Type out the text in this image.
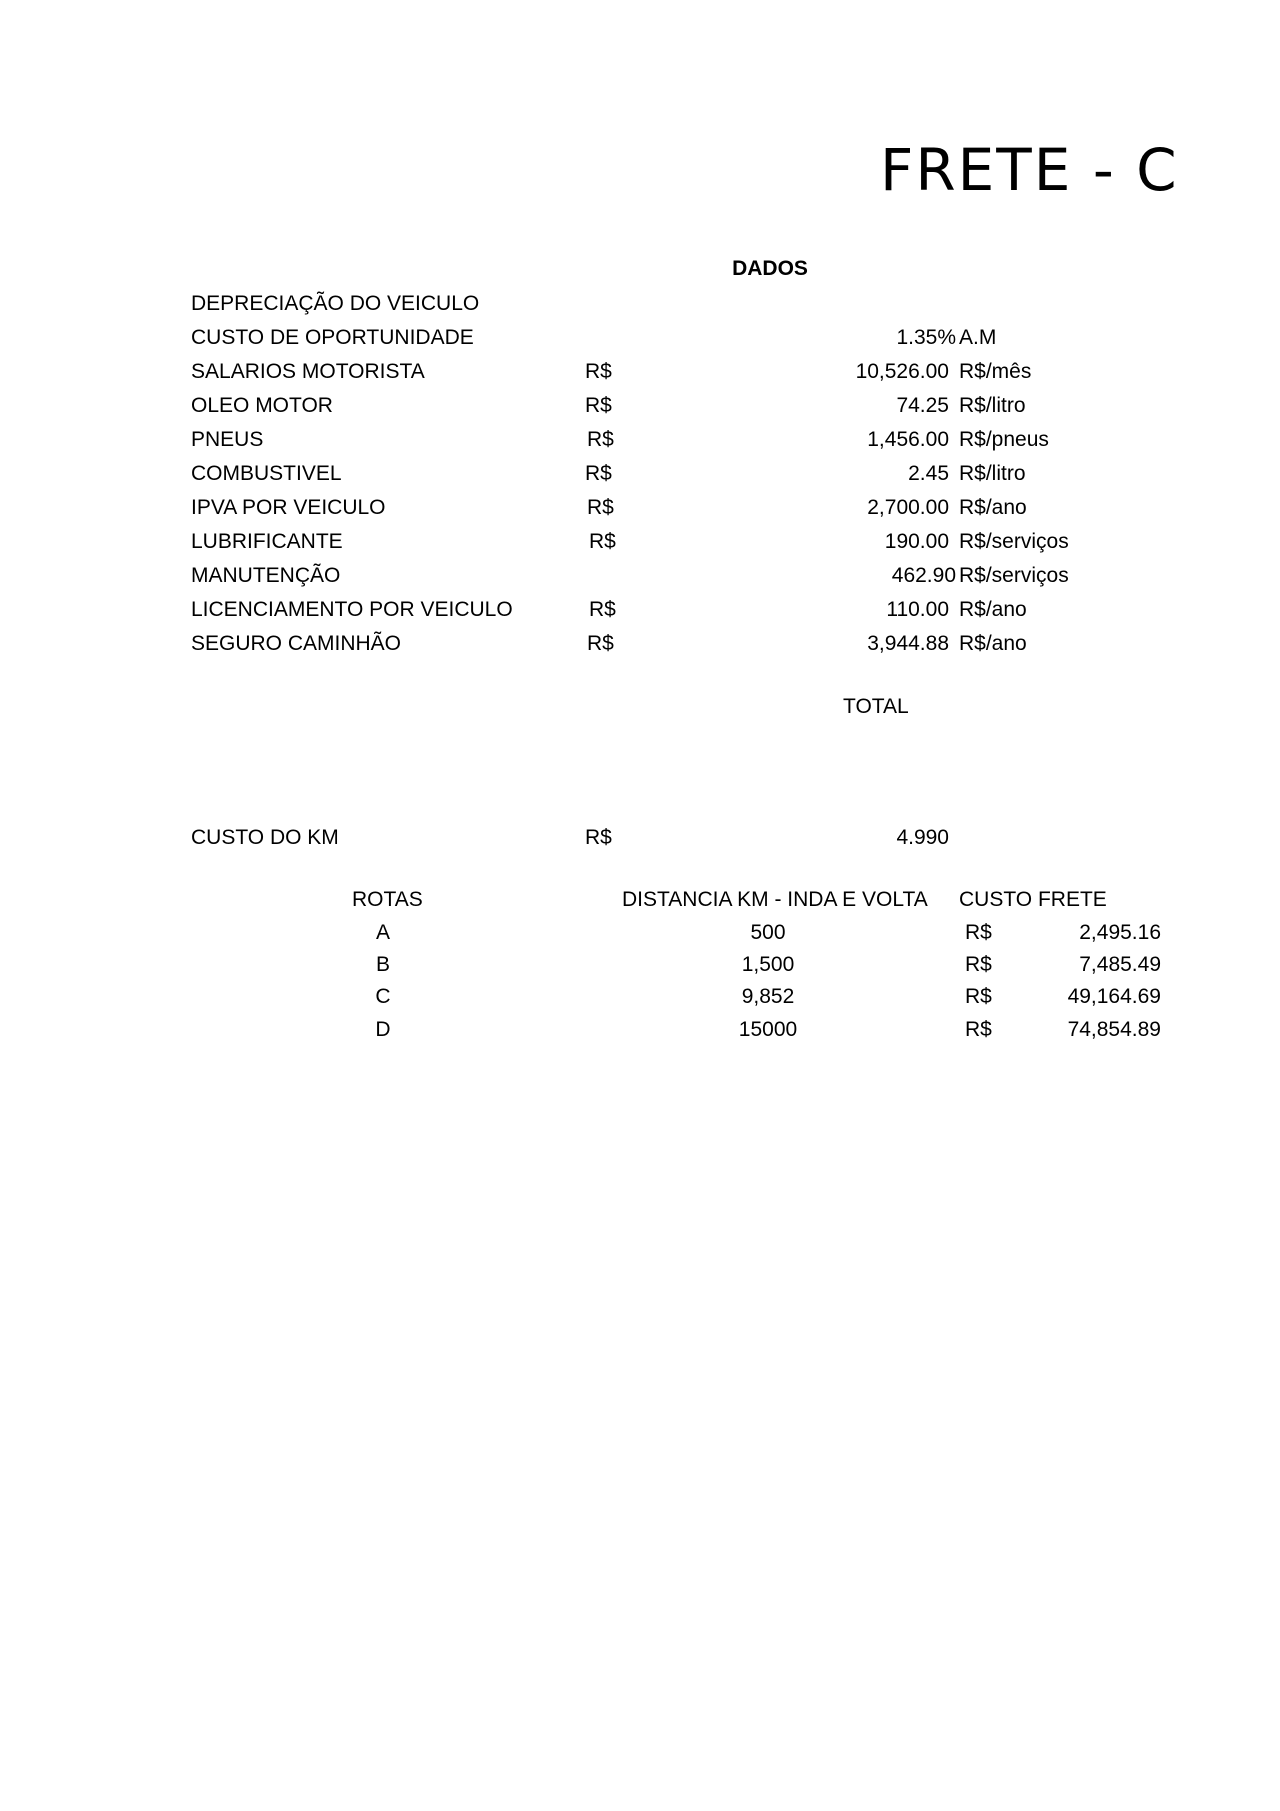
FRETE - C
DADOS
DEPRECIAÇÃO DO VEICULO
CUSTO DE OPORTUNIDADE	1.35% A.M
SALARIOS MOTORISTA	R$	10,526.00 R$/mês
OLEO MOTOR	R$	74.25 R$/litro
PNEUS	R$	1,456.00 R$/pneus
COMBUSTIVEL	R$	2.45 R$/litro
IPVA POR VEICULO	R$	2,700.00 R$/ano
LUBRIFICANTE	R$	190.00 R$/serviços
MANUTENÇÃO	462.90 R$/serviços
LICENCIAMENTO POR VEICULO	R$	110.00 R$/ano
SEGURO CAMINHÃO	R$	3,944.88 R$/ano
TOTAL
CUSTO DO KM	R$	4.990
ROTAS	DISTANCIA KM - INDA E VOLTA CUSTO FRETE
A	500	R$	2,495.16
B	1,500	R$	7,485.49
C	9,852	R$	49,164.69
D	15000	R$	74,854.89
